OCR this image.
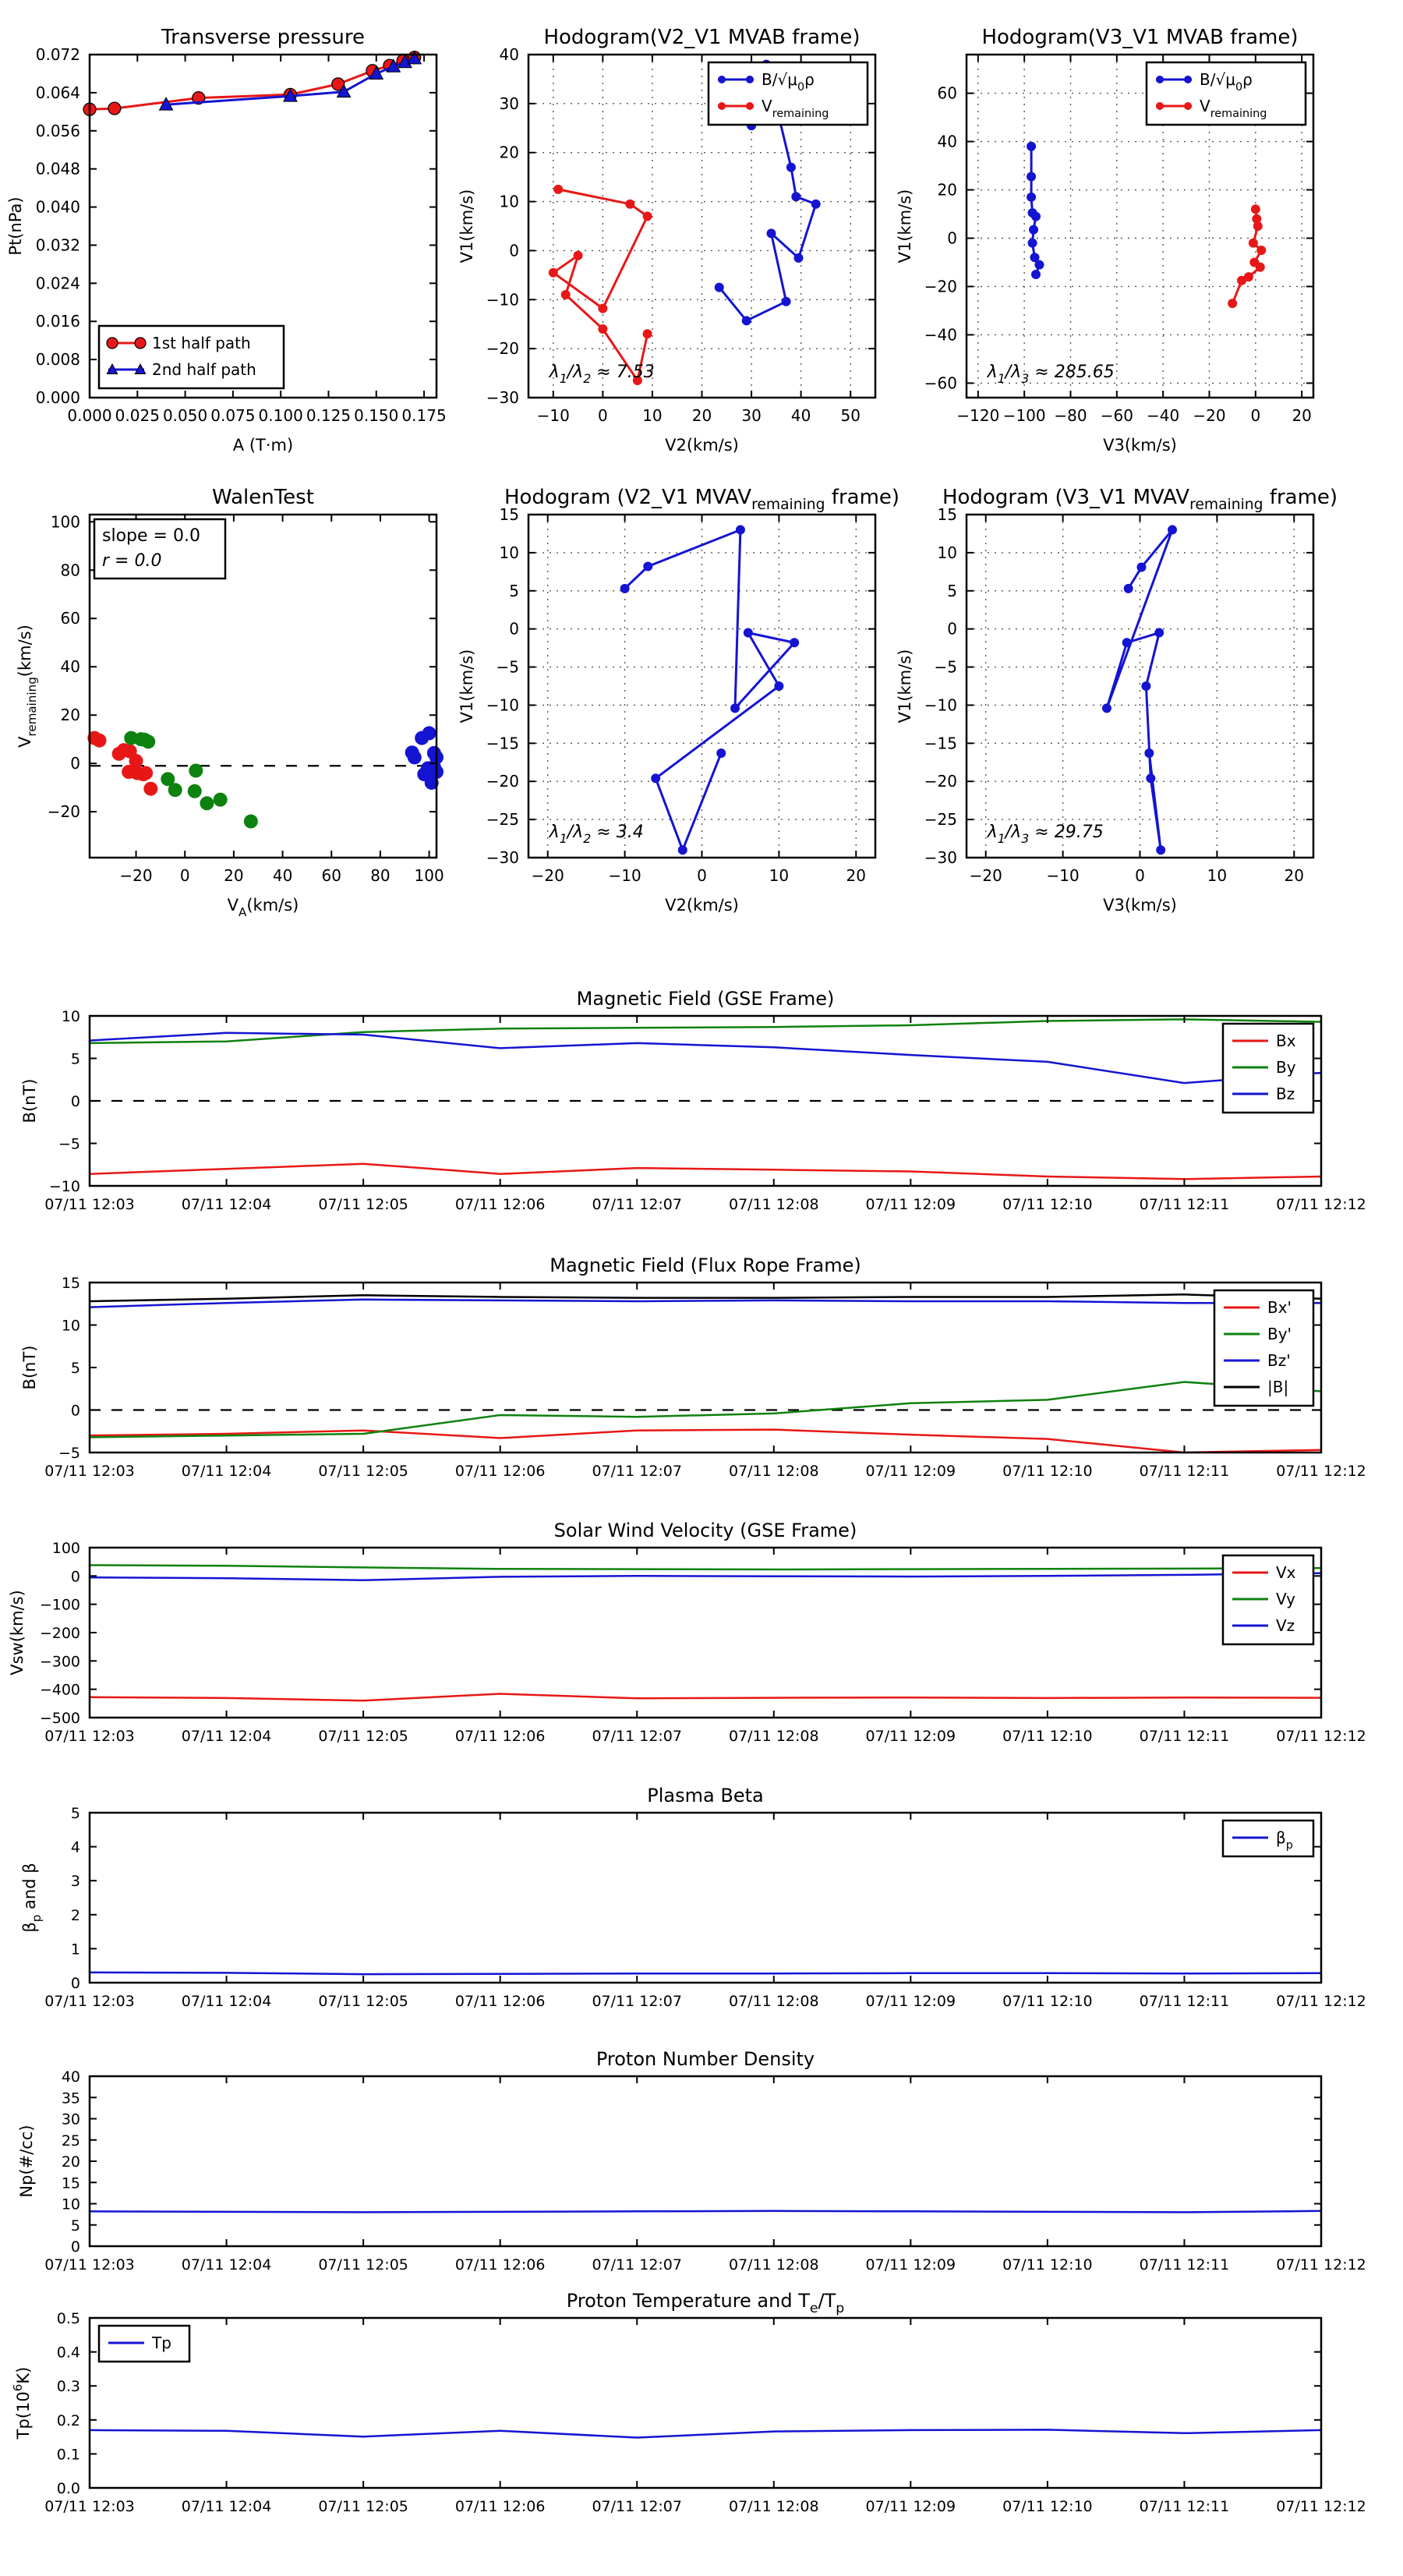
0.000 0.025 0.050 0.075 0.100 0.125 0.150 0.175
0.000
0.008
0.016
0.024
0.032
0.040
0.048
0.056
0.064
0.072
A (T·m)
Pt(nPa)
1st half path
2nd half path
Transverse pressure
−10 0 10 20 30 40 50
−30
−20
−10
0
10
20
30
40
V2(km/s)
V1(km/s)
$\lambda_1/\lambda_2 \approx 7.53$
$B/√\mu_0\rho$
$V_{remaining}$
Hodogram(V2_V1 MVAB frame)
−120 −100 −80 −60 −40 −20 0 20
−60
−40
−20
0
20
40
60
V3(km/s)
V1(km/s)
$\lambda_1/\lambda_3 \approx 285.65$
$B/√\mu_0\rho$
$V_{remaining}$
Hodogram(V3_V1 MVAB frame)
−20 0 20 40 60 80 100
−20
0
20
40
60
80
100
$V_A(km/s)$
$V_{remaining}(km/s)$
slope = 0.0
r = 0.0
WalenTest
−20	−10	0	10	20
−30
−25
−20
−15
−10
−5
0
5
10
15
V2(km/s)
V1(km/s)
$\lambda_1/\lambda_2 \approx 3.4$
Hodogram (V2_V1 $MVAV_{remaining}$ frame)
−20	−10	0	10	20
−30
−25
−20
−15
−10
−5
0
5
10
15
V3(km/s)
V1(km/s)
$\lambda_1/\lambda_3 \approx 29.75$
Hodogram (V3_V1 $MVAV_{remaining}$ frame)
07/11 12:03	07/11 12:04	07/11 12:05	07/11 12:06	07/11 12:07	07/11 12:08	07/11 12:09	07/11 12:10	07/11 12:11	07/11 12:12
−10
−5
0
5
10
B(nT)
Bx
By
Bz
Magnetic Field (GSE Frame)
07/11 12:03	07/11 12:04	07/11 12:05	07/11 12:06	07/11 12:07	07/11 12:08	07/11 12:09	07/11 12:10	07/11 12:11	07/11 12:12
−5
0
5
10
15
B(nT)
Bx'
By'
Bz'
|B|
Magnetic Field (Flux Rope Frame)
07/11 12:03	07/11 12:04	07/11 12:05	07/11 12:06	07/11 12:07	07/11 12:08	07/11 12:09	07/11 12:10	07/11 12:11	07/11 12:12
−500
−400
−300
−200
−100
0
100
Vsw(km/s)
Vx
Vy
Vz
Solar Wind Velocity (GSE Frame)
07/11 12:03	07/11 12:04	07/11 12:05	07/11 12:06	07/11 12:07	07/11 12:08	07/11 12:09	07/11 12:10	07/11 12:11	07/11 12:12
0
1
2
3
4
5
$\beta_p$ and β
$\beta_p$
Plasma Beta
07/11 12:03	07/11 12:04	07/11 12:05	07/11 12:06	07/11 12:07	07/11 12:08	07/11 12:09	07/11 12:10	07/11 12:11	07/11 12:12
0
5
10
15
20
25
30
35
40
Np(#/cc)
Proton Number Density
07/11 12:03	07/11 12:04	07/11 12:05	07/11 12:06	07/11 12:07	07/11 12:08	07/11 12:09	07/11 12:10	07/11 12:11	07/11 12:12
0.0
0.1
0.2
0.3
0.4
0.5
$Tp(10^6K)$
Tp
Proton Temperature and $T_e/T_p$
